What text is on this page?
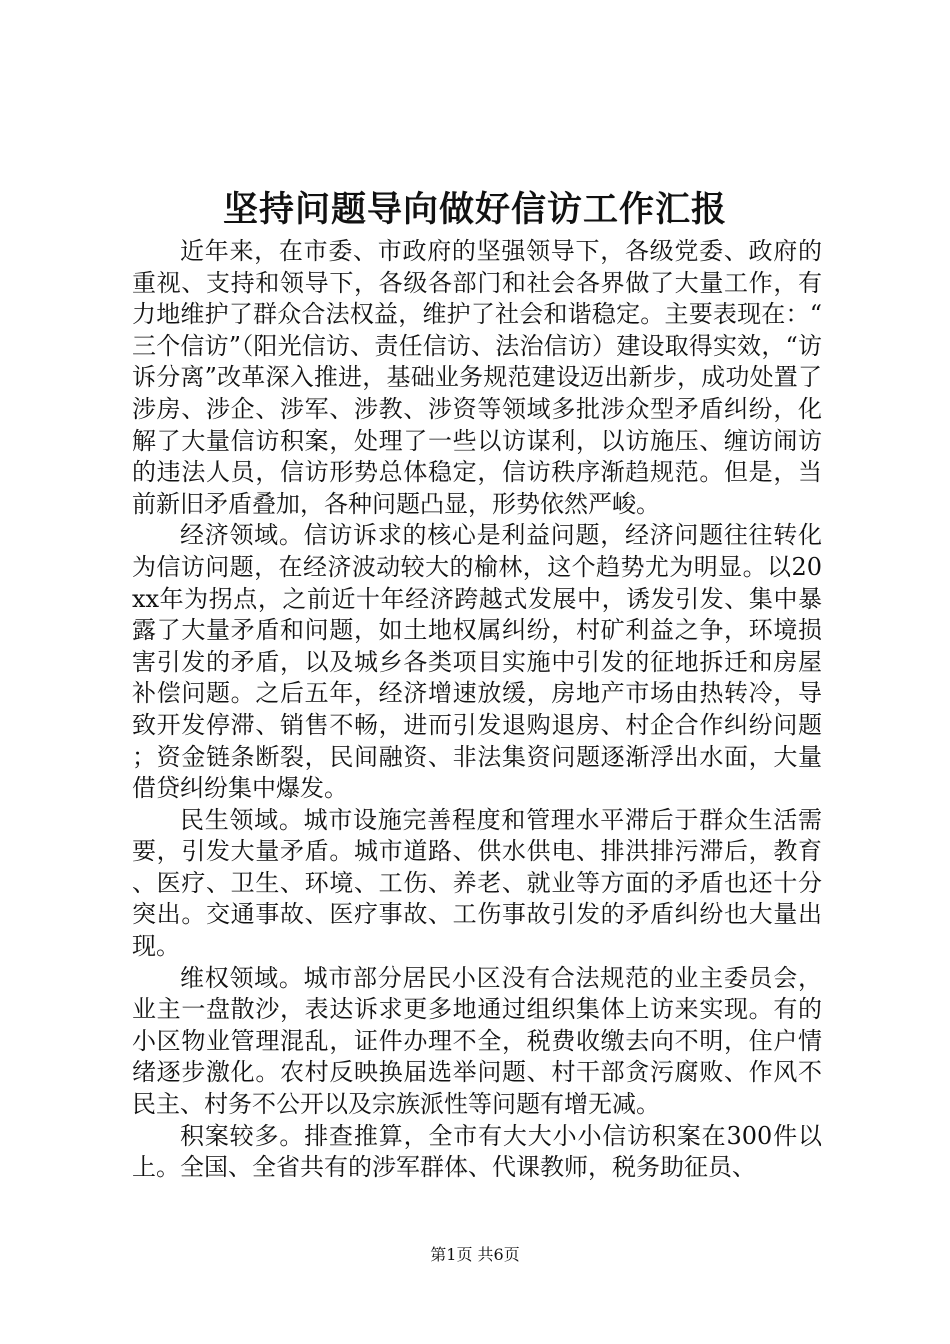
坚持问题导向做好信访工作汇报

近年来，在市委、市政府的坚强领导下，各级党委、政府的重视、支持和领导下，各级各部门和社会各界做了大量工作，有力地维护了群众合法权益，维护了社会和谐稳定。主要表现在：“三个信访”（阳光信访、责任信访、法治信访）建设取得实效，“访诉分离”改革深入推进，基础业务规范建设迈出新步，成功处置了涉房、涉企、涉军、涉教、涉资等领域多批涉众型矛盾纠纷，化解了大量信访积案，处理了一些以访谋利，以访施压、缠访闹访的违法人员，信访形势总体稳定，信访秩序渐趋规范。但是，当前新旧矛盾叠加，各种问题凸显，形势依然严峻。

经济领域。信访诉求的核心是利益问题，经济问题往往转化为信访问题，在经济波动较大的榆林，这个趋势尤为明显。以20xx年为拐点，之前近十年经济跨越式发展中，诱发引发、集中暴露了大量矛盾和问题，如土地权属纠纷，村矿利益之争，环境损害引发的矛盾，以及城乡各类项目实施中引发的征地拆迁和房屋补偿问题。之后五年，经济增速放缓，房地产市场由热转冷，导致开发停滞、销售不畅，进而引发退购退房、村企合作纠纷问题；资金链条断裂，民间融资、非法集资问题逐渐浮出水面，大量借贷纠纷集中爆发。

民生领域。城市设施完善程度和管理水平滞后于群众生活需要，引发大量矛盾。城市道路、供水供电、排洪排污滞后，教育、医疗、卫生、环境、工伤、养老、就业等方面的矛盾也还十分突出。交通事故、医疗事故、工伤事故引发的矛盾纠纷也大量出现。

维权领域。城市部分居民小区没有合法规范的业主委员会，业主一盘散沙，表达诉求更多地通过组织集体上访来实现。有的小区物业管理混乱，证件办理不全，税费收缴去向不明，住户情绪逐步激化。农村反映换届选举问题、村干部贪污腐败、作风不民主、村务不公开以及宗族派性等问题有增无减。

积案较多。排查推算，全市有大大小小信访积案在300件以上。全国、全省共有的涉军群体、代课教师，税务助征员、

第1页 共6页
